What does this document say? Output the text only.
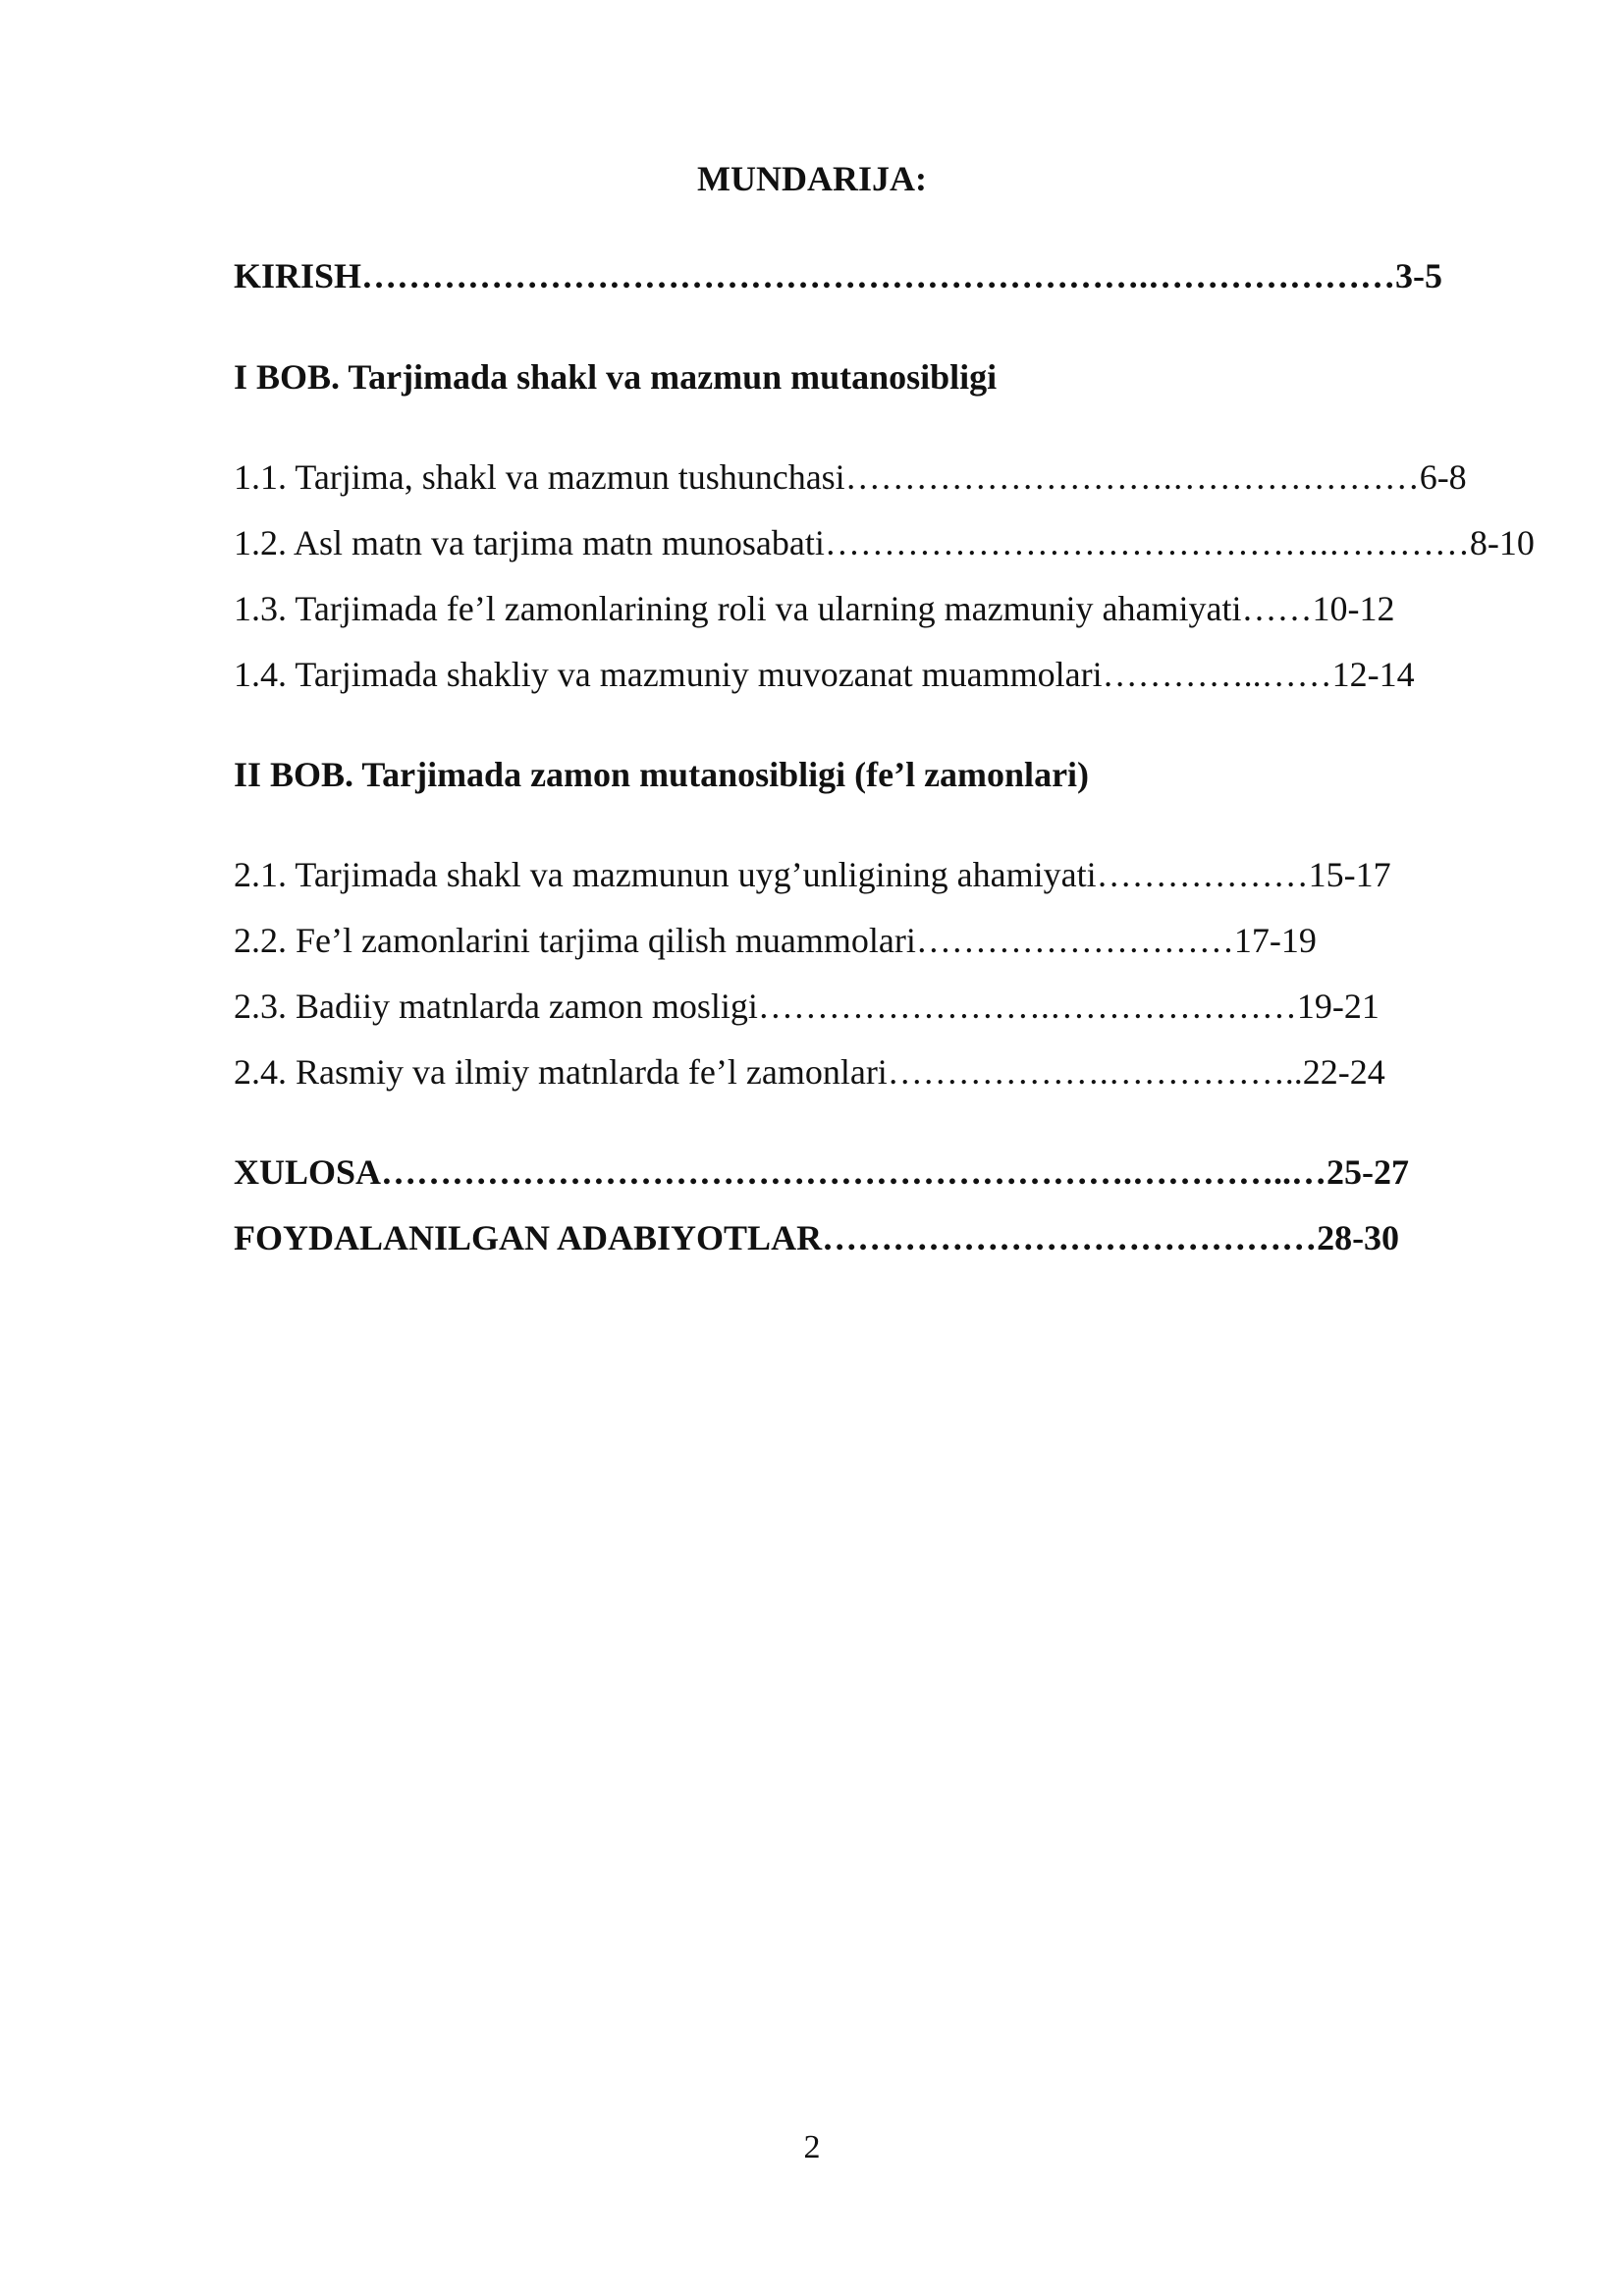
MUNDARIJA:
KIRISH………………………………………………………….…………………3-5
I BOB. Tarjimada shakl va mazmun mutanosibligi
1.1. Tarjima, shakl va mazmun tushunchasi……………………….…………………6-8
1.2. Asl matn va tarjima matn munosabati…………………………………….…………8-10
1.3. Tarjimada fe’l zamonlarining roli va ularning mazmuniy ahamiyati……10-12
1.4. Tarjimada shakliy va mazmuniy muvozanat muammolari…………..……12-14
II BOB. Tarjimada zamon mutanosibligi (fe’l zamonlari)
2.1. Tarjimada shakl va mazmunun uyg’unligining ahamiyati………………15-17
2.2. Fe’l zamonlarini tarjima qilish muammolari………………………17-19
2.3. Badiiy matnlarda zamon mosligi…………………….…………………19-21
2.4. Rasmiy va ilmiy matnlarda fe’l zamonlari……………….……………..22-24
XULOSA……………………………………………………….…………..…25-27
FOYDALANILGAN ADABIYOTLAR……………………………………28-30
2
